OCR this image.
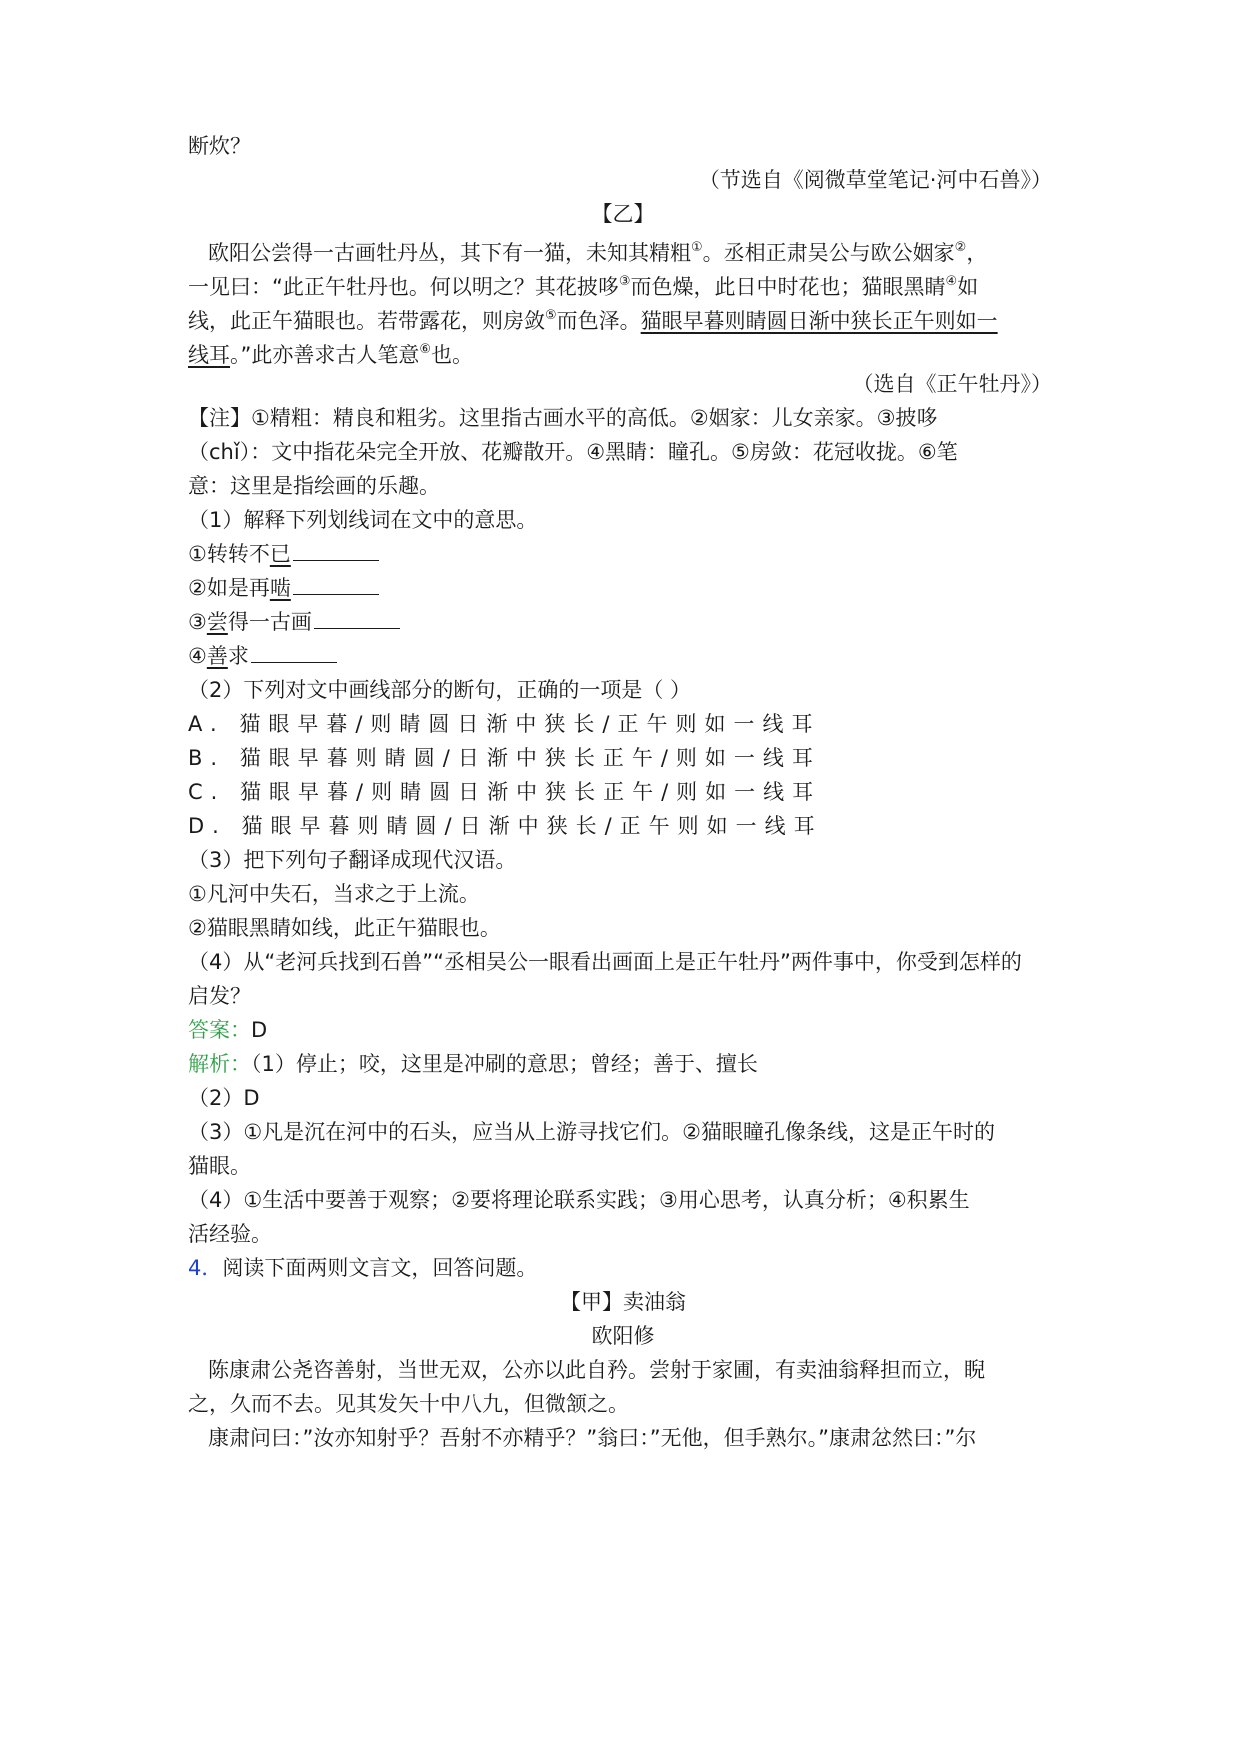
断炊？
（节选自《阅微草堂笔记·河中石兽》）
【乙】
欧阳公尝得一古画牡丹丛，其下有一猫，未知其精粗①。丞相正肃吴公与欧公姻家②，
一见曰：“此正午牡丹也。何以明之？其花披哆③而色燥，此日中时花也；猫眼黑睛④如
线，此正午猫眼也。若带露花，则房敛⑤而色泽。猫眼早暮则睛圆日渐中狭长正午则如一
线耳。”此亦善求古人笔意⑥也。
（选自《正午牡丹》）
【注】①精粗：精良和粗劣。这里指古画水平的高低。②姻家：儿女亲家。③披哆
（chǐ）：文中指花朵完全开放、花瓣散开。④黑睛：瞳孔。⑤房敛：花冠收拢。⑥笔
意：这里是指绘画的乐趣。
（1）解释下列划线词在文中的意思。
①转转不已
②如是再啮
③尝得一古画
④善求
（2）下列对文中画线部分的断句，正确的一项是（ ）
A. 猫眼早暮/则睛圆日渐中狭长/正午则如一线耳
B. 猫眼早暮则睛圆/日渐中狭长正午/则如一线耳
C. 猫眼早暮/则睛圆日渐中狭长正午/则如一线耳
D. 猫眼早暮则睛圆/日渐中狭长/正午则如一线耳
（3）把下列句子翻译成现代汉语。
①凡河中失石，当求之于上流。
②猫眼黑睛如线，此正午猫眼也。
（4）从“老河兵找到石兽”“丞相吴公一眼看出画面上是正午牡丹”两件事中，你受到怎样的
启发？
答案：D
解析：（1）停止；咬，这里是冲刷的意思；曾经；善于、擅长
（2）D
（3）①凡是沉在河中的石头，应当从上游寻找它们。②猫眼瞳孔像条线，这是正午时的
猫眼。
（4）①生活中要善于观察；②要将理论联系实践；③用心思考，认真分析；④积累生
活经验。
4．阅读下面两则文言文，回答问题。
【甲】卖油翁
欧阳修
陈康肃公尧咨善射，当世无双，公亦以此自矜。尝射于家圃，有卖油翁释担而立，睨
之，久而不去。见其发矢十中八九，但微颔之。
康肃问曰：”汝亦知射乎？吾射不亦精乎？”翁曰：”无他，但手熟尔。”康肃忿然曰：”尔
